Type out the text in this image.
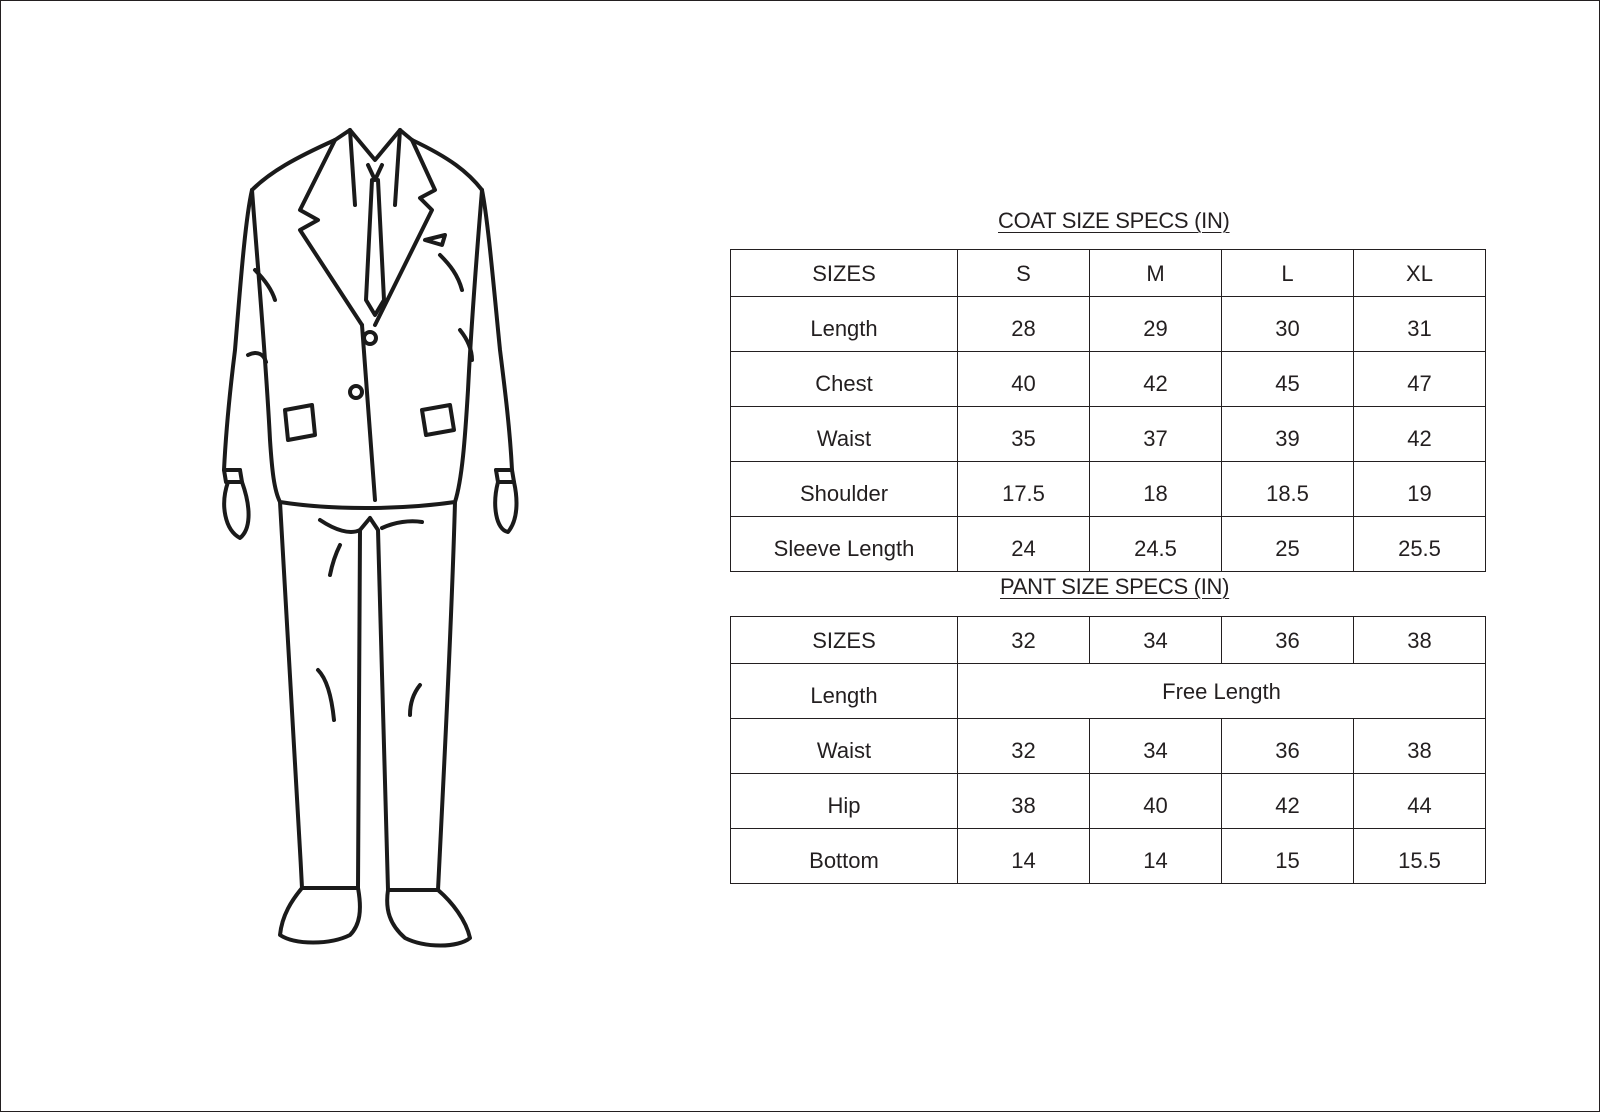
COAT SIZE SPECS (IN)
SIZES	S	M	L	XL
Length	28	29	30	31
Chest	40	42	45	47
Waist	35	37	39	42
Shoulder	17.5	18	18.5	19
Sleeve Length	24	24.5	25	25.5
PANT SIZE SPECS (IN)
SIZES	32	34	36	38
Length	Free Length			
Waist	32	34	36	38
Hip	38	40	42	44
Bottom	14	14	15	15.5
